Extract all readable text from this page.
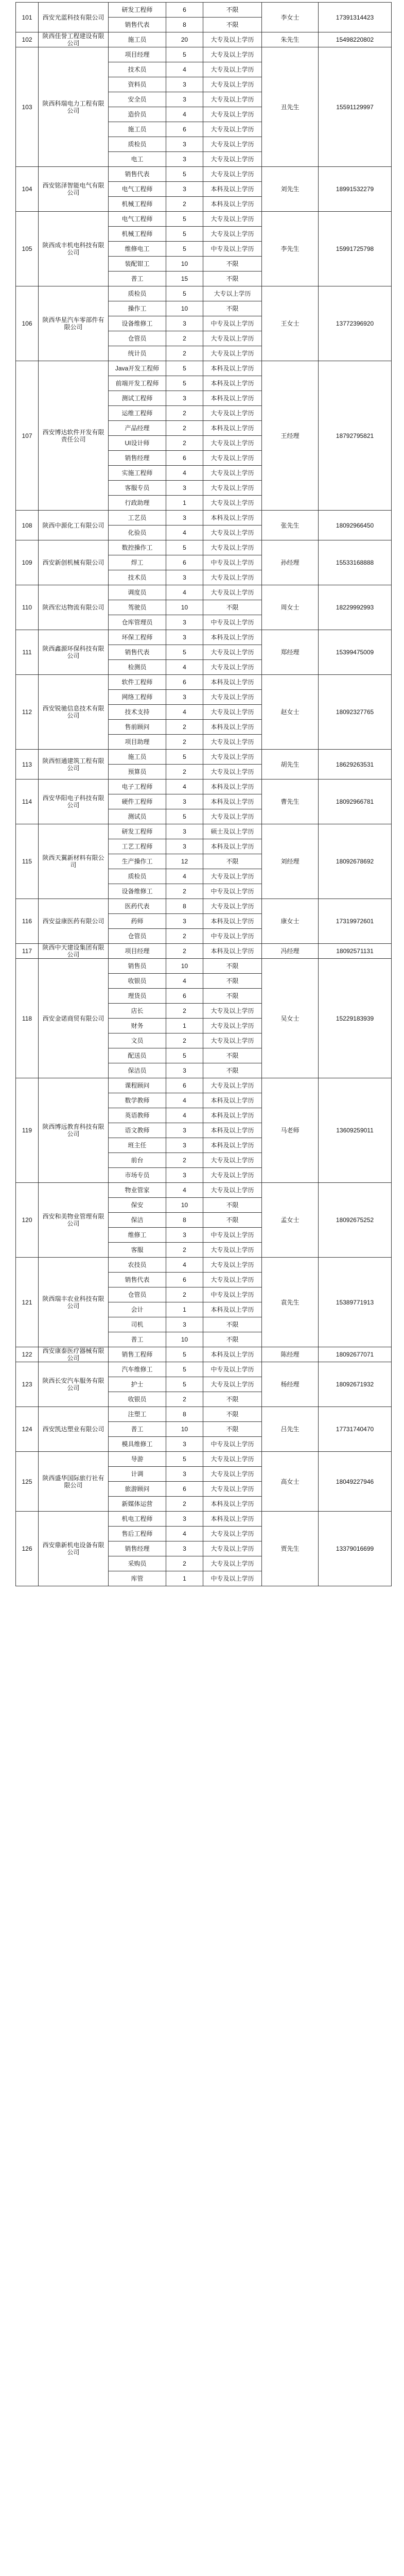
101	西安光蓝科技有限公司	研发工程师	6	不限	李女士	17391314423
		销售代表	8	不限		
102	陕西佳誉工程建设有限公司	施工员	20	大专及以上学历	朱先生	15498220802
103	陕西科瑞电力工程有限公司	项目经理	5	大专及以上学历	丑先生	15591129997
		技术员	4	大专及以上学历		
		资料员	3	大专及以上学历		
		安全员	3	大专及以上学历		
		造价员	4	大专及以上学历		
		施工员	6	大专及以上学历		
		质检员	3	大专及以上学历		
		电工	3	大专及以上学历		
104	西安铭泽智能电气有限公司	销售代表	5	大专及以上学历	刘先生	18991532279
		电气工程师	3	本科及以上学历		
		机械工程师	2	本科及以上学历		
105	陕西成丰机电科技有限公司	电气工程师	5	大专及以上学历	李先生	15991725798
		机械工程师	5	大专及以上学历		
		维修电工	5	中专及以上学历		
		装配钳工	10	不限		
		普工	15	不限		
106	陕西华星汽车零部件有限公司	质检员	5	大专以上学历	王女士	13772396920
		操作工	10	不限		
		设备维修工	3	中专及以上学历		
		仓管员	2	大专及以上学历		
		统计员	2	大专及以上学历		
107	西安博达软件开发有限责任公司	Java开发工程师	5	本科及以上学历	王经理	18792795821
		前端开发工程师	5	本科及以上学历		
		测试工程师	3	本科及以上学历		
		运维工程师	2	大专及以上学历		
		产品经理	2	本科及以上学历		
		UI设计师	2	大专及以上学历		
		销售经理	6	大专及以上学历		
		实施工程师	4	大专及以上学历		
		客服专员	3	大专及以上学历		
		行政助理	1	大专及以上学历		
108	陕西中源化工有限公司	工艺员	3	本科及以上学历	张先生	18092966450
		化验员	4	大专及以上学历		
109	西安新创机械有限公司	数控操作工	5	大专及以上学历	孙经理	15533168888
		焊工	6	中专及以上学历		
		技术员	3	大专及以上学历		
110	陕西宏达物流有限公司	调度员	4	大专及以上学历	周女士	18229992993
		驾驶员	10	不限		
		仓库管理员	3	中专及以上学历		
111	陕西鑫源环保科技有限公司	环保工程师	3	本科及以上学历	郑经理	15399475009
		销售代表	5	大专及以上学历		
		检测员	4	大专及以上学历		
112	西安锐驰信息技术有限公司	软件工程师	6	本科及以上学历	赵女士	18092327765
		网络工程师	3	大专及以上学历		
		技术支持	4	大专及以上学历		
		售前顾问	2	本科及以上学历		
		项目助理	2	大专及以上学历		
113	陕西恒通建筑工程有限公司	施工员	5	大专及以上学历	胡先生	18629263531
		预算员	2	大专及以上学历		
114	西安华阳电子科技有限公司	电子工程师	4	本科及以上学历	曹先生	18092966781
		硬件工程师	3	本科及以上学历		
		测试员	5	大专及以上学历		
115	陕西天翼新材料有限公司	研发工程师	3	硕士及以上学历	刘经理	18092678692
		工艺工程师	3	本科及以上学历		
		生产操作工	12	不限		
		质检员	4	大专及以上学历		
		设备维修工	2	中专及以上学历		
116	西安益康医药有限公司	医药代表	8	大专及以上学历	康女士	17319972601
		药师	3	本科及以上学历		
		仓管员	2	中专及以上学历		
117	陕西中天建设集团有限公司	项目经理	2	本科及以上学历	冯经理	18092571131
118	西安金诺商贸有限公司	销售员	10	不限	吴女士	15229183939
		收银员	4	不限		
		理货员	6	不限		
		店长	2	大专及以上学历		
		财务	1	大专及以上学历		
		文员	2	大专及以上学历		
		配送员	5	不限		
		保洁员	3	不限		
119	陕西博远教育科技有限公司	课程顾问	6	大专及以上学历	马老师	13609259011
		数学教师	4	本科及以上学历		
		英语教师	4	本科及以上学历		
		语文教师	3	本科及以上学历		
		班主任	3	本科及以上学历		
		前台	2	大专及以上学历		
		市场专员	3	大专及以上学历		
120	西安和美物业管理有限公司	物业管家	4	大专及以上学历	孟女士	18092675252
		保安	10	不限		
		保洁	8	不限		
		维修工	3	中专及以上学历		
		客服	2	大专及以上学历		
121	陕西瑞丰农业科技有限公司	农技员	4	大专及以上学历	袁先生	15389771913
		销售代表	6	大专及以上学历		
		仓管员	2	中专及以上学历		
		会计	1	本科及以上学历		
		司机	3	不限		
		普工	10	不限		
122	西安康泰医疗器械有限公司	销售工程师	5	本科及以上学历	陈经理	18092677071
123	陕西长安汽车服务有限公司	汽车维修工	5	中专及以上学历	杨经理	18092671932
		护士	5	大专及以上学历		
		收银员	2	不限		
124	西安凯达塑业有限公司	注塑工	8	不限	吕先生	17731740470
		普工	10	不限		
		模具维修工	3	中专及以上学历		
125	陕西盛华国际旅行社有限公司	导游	5	大专及以上学历	高女士	18049227946
		计调	3	大专及以上学历		
		旅游顾问	6	大专及以上学历		
		新媒体运营	2	本科及以上学历		
126	西安鼎新机电设备有限公司	机电工程师	3	本科及以上学历	贾先生	13379016699
		售后工程师	4	大专及以上学历		
		销售经理	3	大专及以上学历		
		采购员	2	大专及以上学历		
		库管	1	中专及以上学历		
